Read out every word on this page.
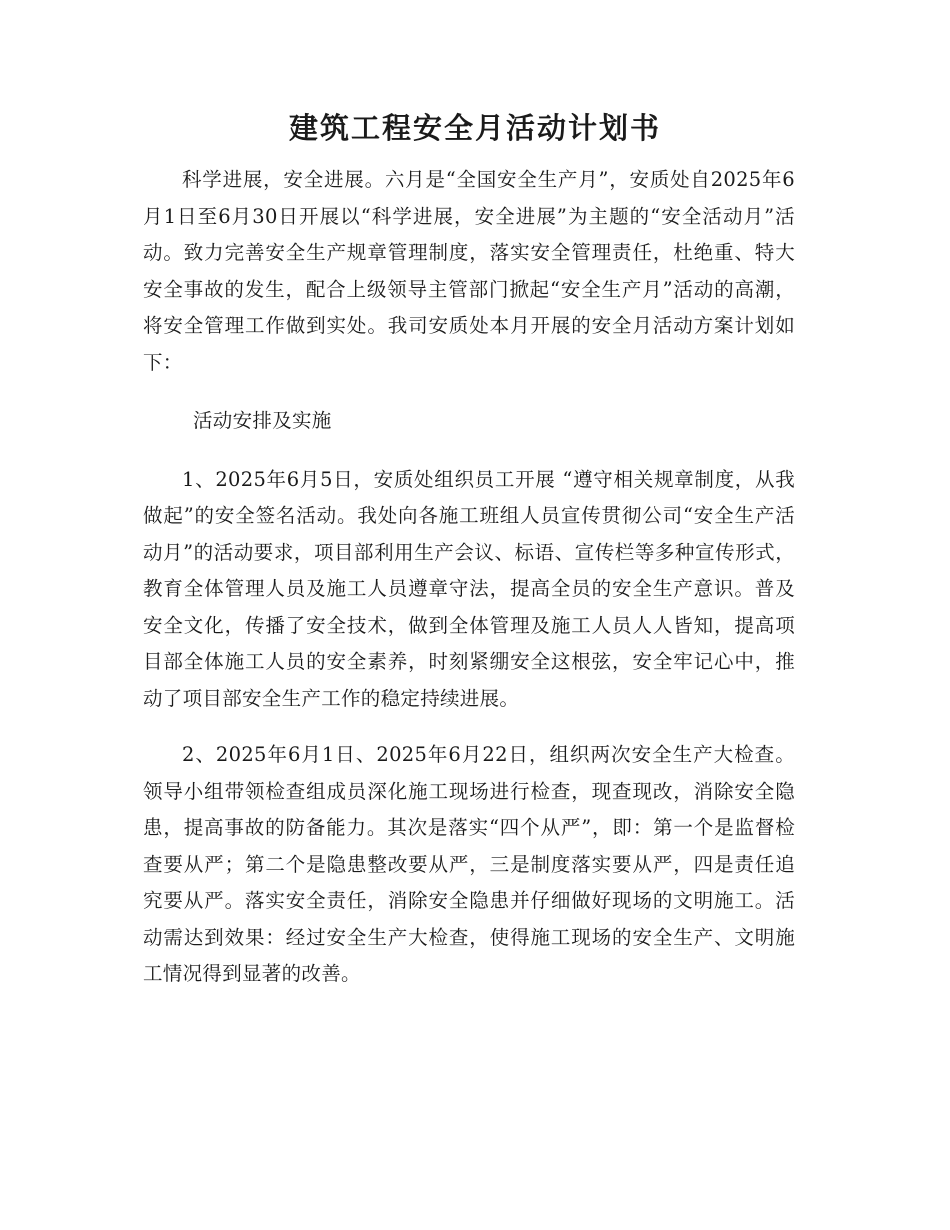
建筑工程安全月活动计划书

科学进展，安全进展。六月是“全国安全生产月”，安质处自2025年6月1日至6月30日开展以“科学进展，安全进展”为主题的“安全活动月”活动。致力完善安全生产规章管理制度，落实安全管理责任，杜绝重、特大安全事故的发生，配合上级领导主管部门掀起“安全生产月”活动的高潮，将安全管理工作做到实处。我司安质处本月开展的安全月活动方案计划如下：

活动安排及实施

1、2025年6月5日，安质处组织员工开展 “遵守相关规章制度，从我做起”的安全签名活动。我处向各施工班组人员宣传贯彻公司“安全生产活动月”的活动要求，项目部利用生产会议、标语、宣传栏等多种宣传形式，教育全体管理人员及施工人员遵章守法，提高全员的安全生产意识。普及安全文化，传播了安全技术，做到全体管理及施工人员人人皆知，提高项目部全体施工人员的安全素养，时刻紧绷安全这根弦，安全牢记心中，推动了项目部安全生产工作的稳定持续进展。

2、2025年6月1日、2025年6月22日，组织两次安全生产大检查。领导小组带领检查组成员深化施工现场进行检查，现查现改，消除安全隐患，提高事故的防备能力。其次是落实“四个从严”，即：第一个是监督检查要从严；第二个是隐患整改要从严，三是制度落实要从严，四是责任追究要从严。落实安全责任，消除安全隐患并仔细做好现场的文明施工。活动需达到效果：经过安全生产大检查，使得施工现场的安全生产、文明施工情况得到显著的改善。
